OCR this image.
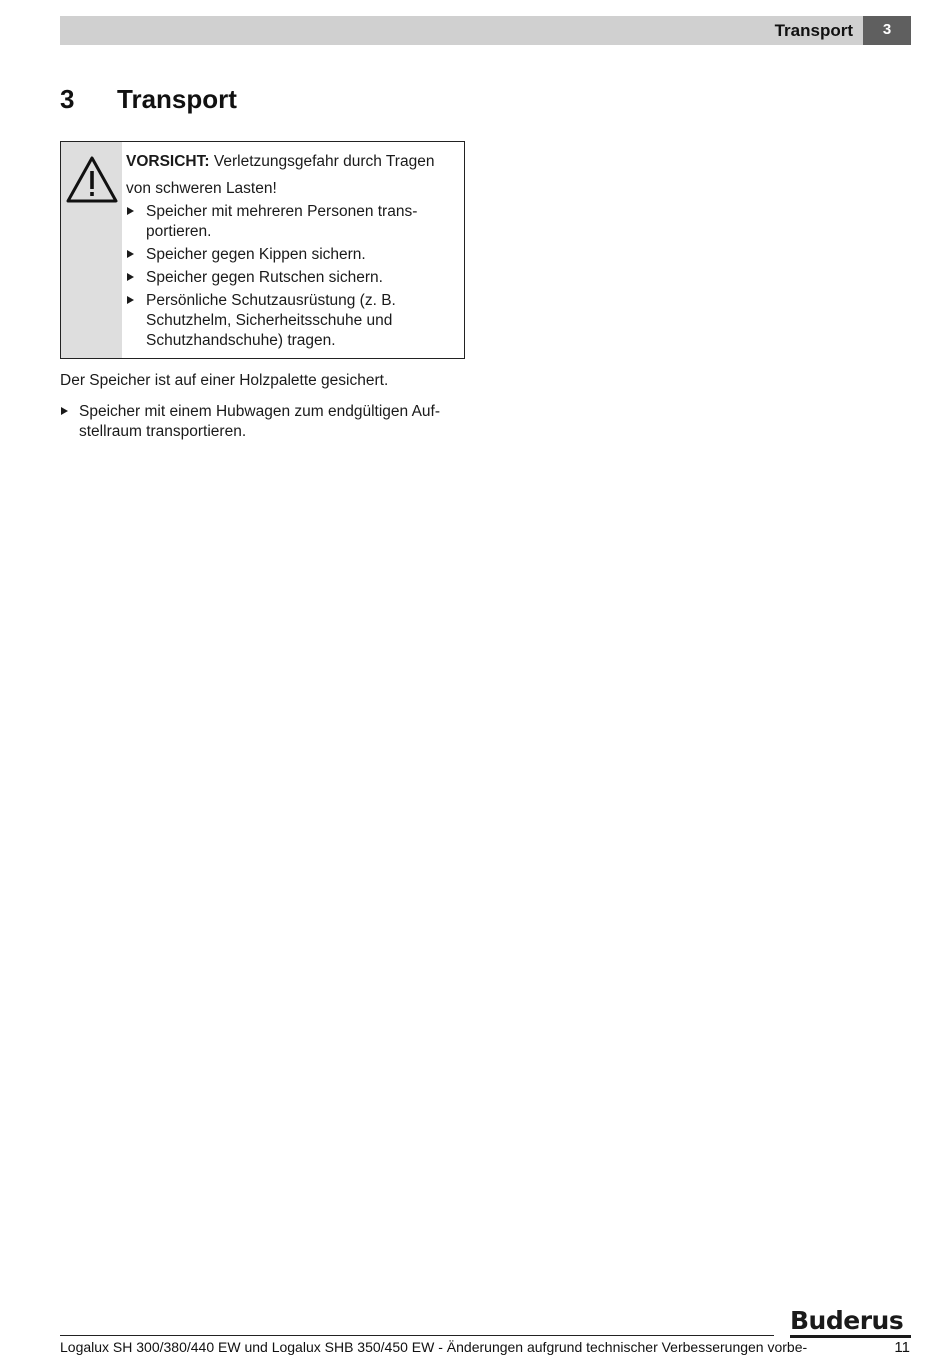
Transport	3
3 Transport

VORSICHT: Verletzungsgefahr durch Tragen von schweren Lasten!

Speicher mit mehreren Personen trans-portieren.
Speicher gegen Kippen sichern.
Speicher gegen Rutschen sichern.
Persönliche Schutzausrüstung (z. B. Schutzhelm, Sicherheitsschuhe und Schutzhandschuhe) tragen.

Der Speicher ist auf einer Holzpalette gesichert.

Speicher mit einem Hubwagen zum endgültigen Auf-stellraum transportieren.
Buderus
Logalux SH 300/380/440 EW und Logalux SHB 350/450 EW - Änderungen aufgrund technischer Verbesserungen vorbe-	11
